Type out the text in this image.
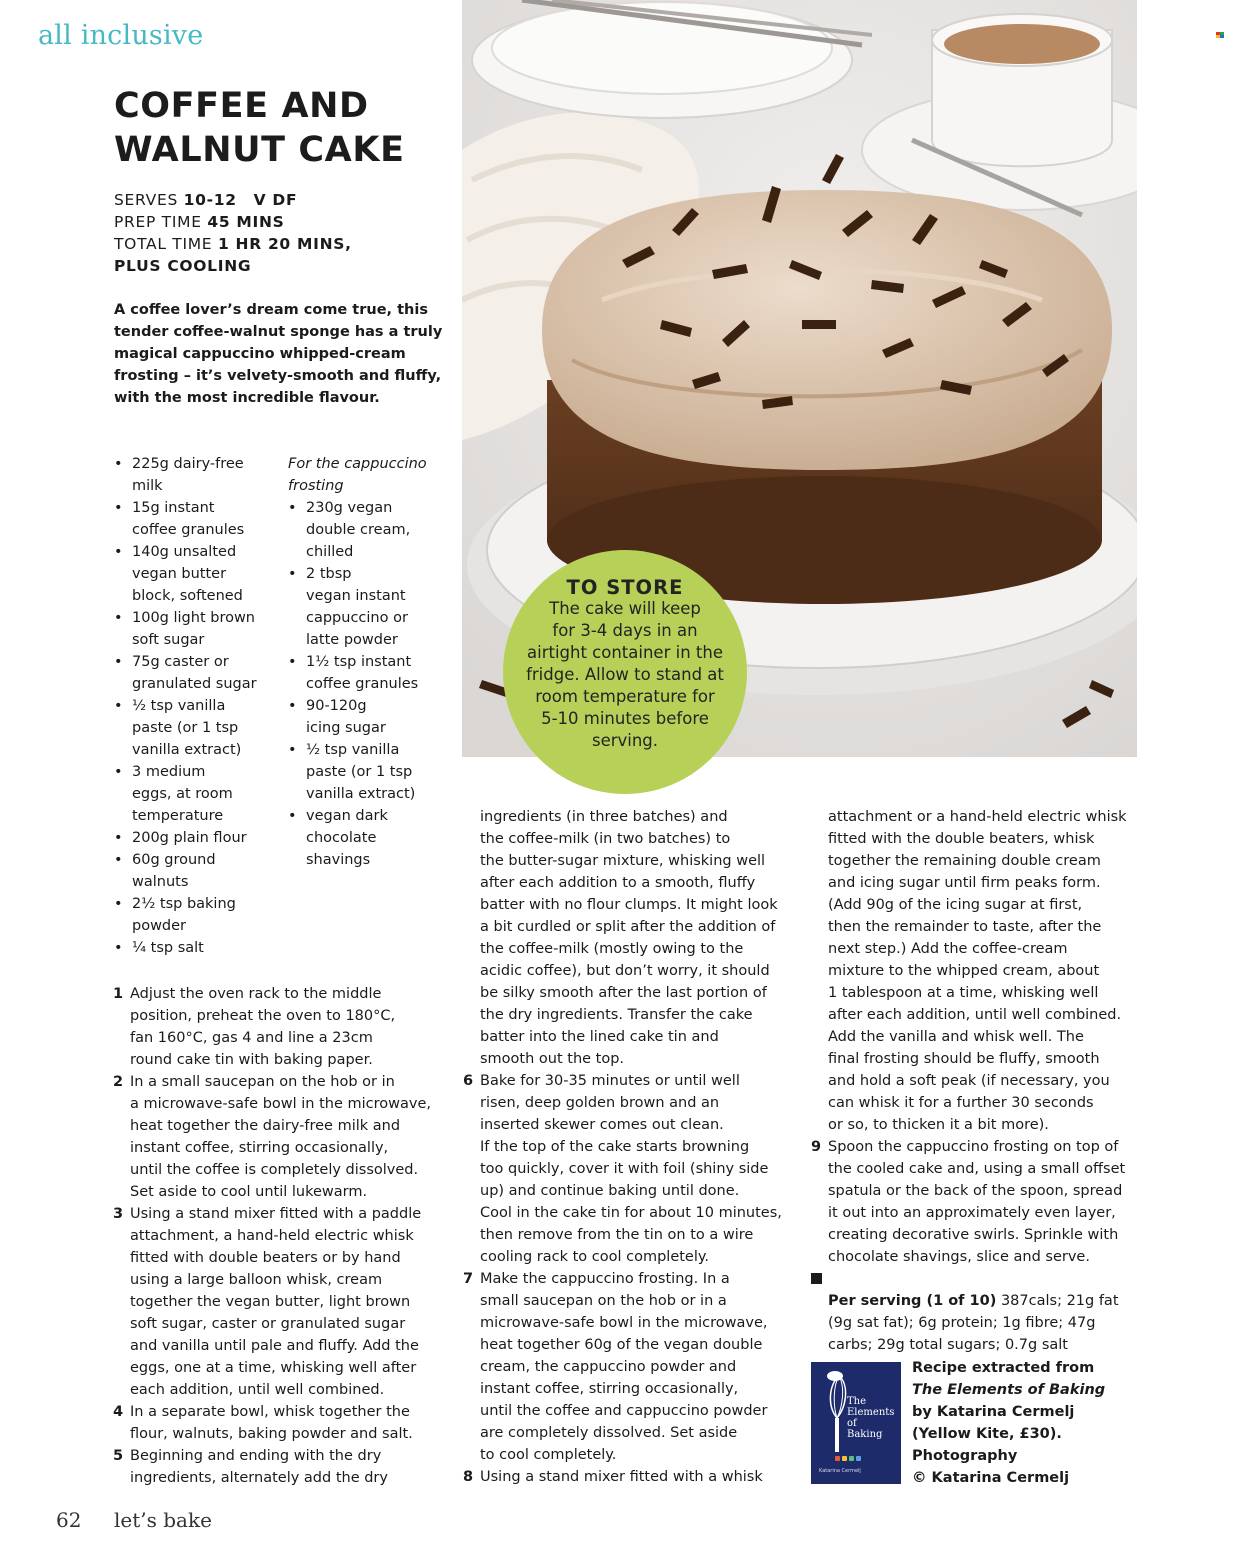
all inclusive
COFFEE AND WALNUT CAKE
SERVES 10-12 V DF
PREP TIME 45 MINS
TOTAL TIME 1 HR 20 MINS,
PLUS COOLING

A coffee lover’s dream come true, this tender coffee-walnut sponge has a truly magical cappuccino whipped-cream frosting – it’s velvety-smooth and fluffy, with the most incredible flavour.

• 225g dairy-free
milk
• 15g instant
coffee granules
• 140g unsalted
vegan butter
block, softened
• 100g light brown
soft sugar
• 75g caster or
granulated sugar
• ½ tsp vanilla
paste (or 1 tsp
vanilla extract)
• 3 medium
eggs, at room
temperature
• 200g plain flour
• 60g ground
walnuts
• 2½ tsp baking
powder
• ¼ tsp salt
For the cappuccino
frosting
• 230g vegan
double cream,
chilled
• 2 tbsp
vegan instant
cappuccino or
latte powder
• 1½ tsp instant
coffee granules
• 90-120g
icing sugar
• ½ tsp vanilla
paste (or 1 tsp
vanilla extract)
• vegan dark
chocolate
shavings
1 Adjust the oven rack to the middle
position, preheat the oven to 180°C,
fan 160°C, gas 4 and line a 23cm
round cake tin with baking paper.
2 In a small saucepan on the hob or in
a microwave-safe bowl in the microwave,
heat together the dairy-free milk and
instant coffee, stirring occasionally,
until the coffee is completely dissolved.
Set aside to cool until lukewarm.
3 Using a stand mixer fitted with a paddle
attachment, a hand-held electric whisk
fitted with double beaters or by hand
using a large balloon whisk, cream
together the vegan butter, light brown
soft sugar, caster or granulated sugar
and vanilla until pale and fluffy. Add the
eggs, one at a time, whisking well after
each addition, until well combined.
4 In a separate bowl, whisk together the
flour, walnuts, baking powder and salt.
5 Beginning and ending with the dry
ingredients, alternately add the dry
ingredients (in three batches) and
the coffee-milk (in two batches) to
the butter-sugar mixture, whisking well
after each addition to a smooth, fluffy
batter with no flour clumps. It might look
a bit curdled or split after the addition of
the coffee-milk (mostly owing to the
acidic coffee), but don’t worry, it should
be silky smooth after the last portion of
the dry ingredients. Transfer the cake
batter into the lined cake tin and
smooth out the top.
6 Bake for 30-35 minutes or until well
risen, deep golden brown and an
inserted skewer comes out clean.
If the top of the cake starts browning
too quickly, cover it with foil (shiny side
up) and continue baking until done.
Cool in the cake tin for about 10 minutes,
then remove from the tin on to a wire
cooling rack to cool completely.
7 Make the cappuccino frosting. In a
small saucepan on the hob or in a
microwave-safe bowl in the microwave,
heat together 60g of the vegan double
cream, the cappuccino powder and
instant coffee, stirring occasionally,
until the coffee and cappuccino powder
are completely dissolved. Set aside
to cool completely.
8 Using a stand mixer fitted with a whisk
attachment or a hand-held electric whisk
fitted with the double beaters, whisk
together the remaining double cream
and icing sugar until firm peaks form.
(Add 90g of the icing sugar at first,
then the remainder to taste, after the
next step.) Add the coffee-cream
mixture to the whipped cream, about
1 tablespoon at a time, whisking well
after each addition, until well combined.
Add the vanilla and whisk well. The
final frosting should be fluffy, smooth
and hold a soft peak (if necessary, you
can whisk it for a further 30 seconds
or so, to thicken it a bit more).
9 Spoon the cappuccino frosting on top of
the cooled cake and, using a small offset
spatula or the back of the spoon, spread
it out into an approximately even layer,
creating decorative swirls. Sprinkle with
chocolate shavings, slice and serve.

Per serving (1 of 10) 387cals; 21g fat
(9g sat fat); 6g protein; 1g fibre; 47g
carbs; 29g total sugars; 0.7g salt

TO STORE
The cake will keep
for 3-4 days in an
airtight container in the
fridge. Allow to stand at
room temperature for
5-10 minutes before
serving.
The
Elements
of
Baking
Katarina Cermelj
Recipe extracted from
The Elements of Baking
by Katarina Cermelj
(Yellow Kite, £30).
Photography
© Katarina Cermelj
62 let’s bake
